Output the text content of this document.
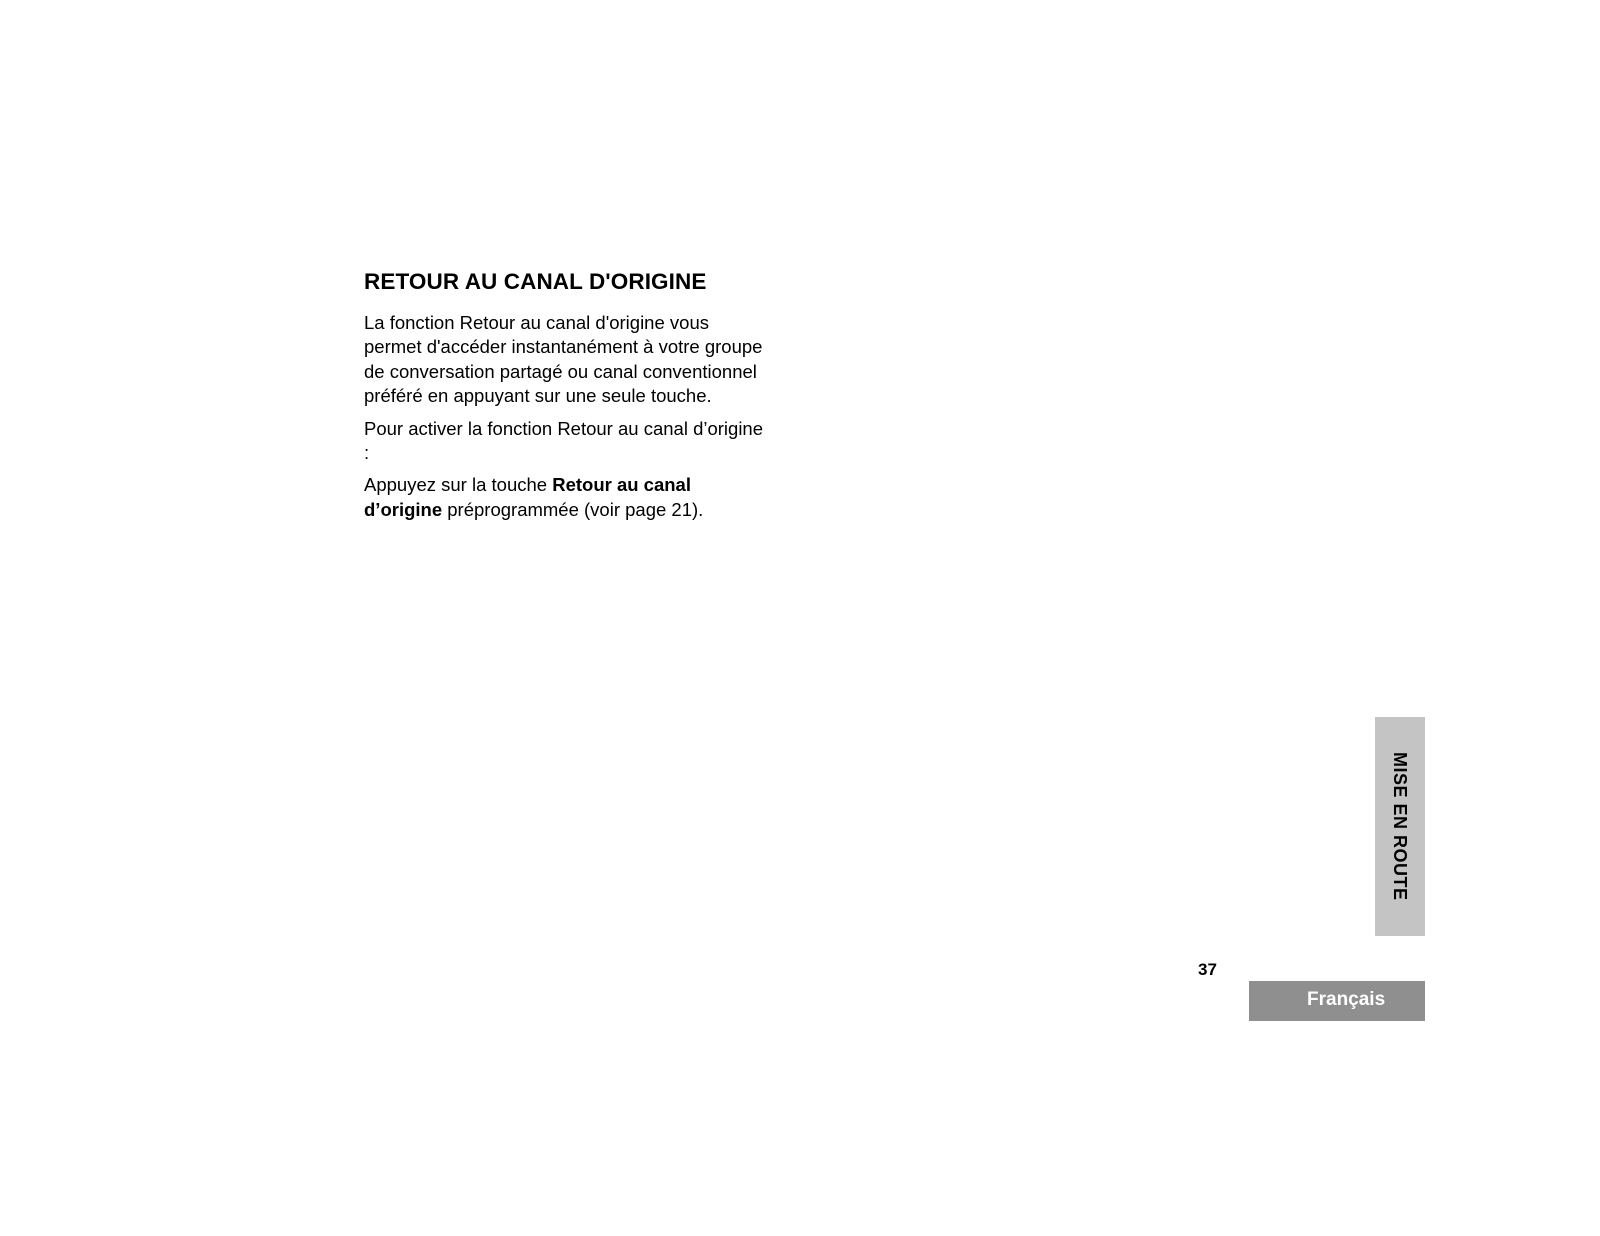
RETOUR AU CANAL D'ORIGINE

La fonction Retour au canal d'origine vous permet d'accéder instantanément à votre groupe de conversation partagé ou canal conventionnel préféré en appuyant sur une seule touche.

Pour activer la fonction Retour au canal d’origine :

Appuyez sur la touche Retour au canal d’origine préprogrammée (voir page 21).

MISE EN ROUTE
37
Français
